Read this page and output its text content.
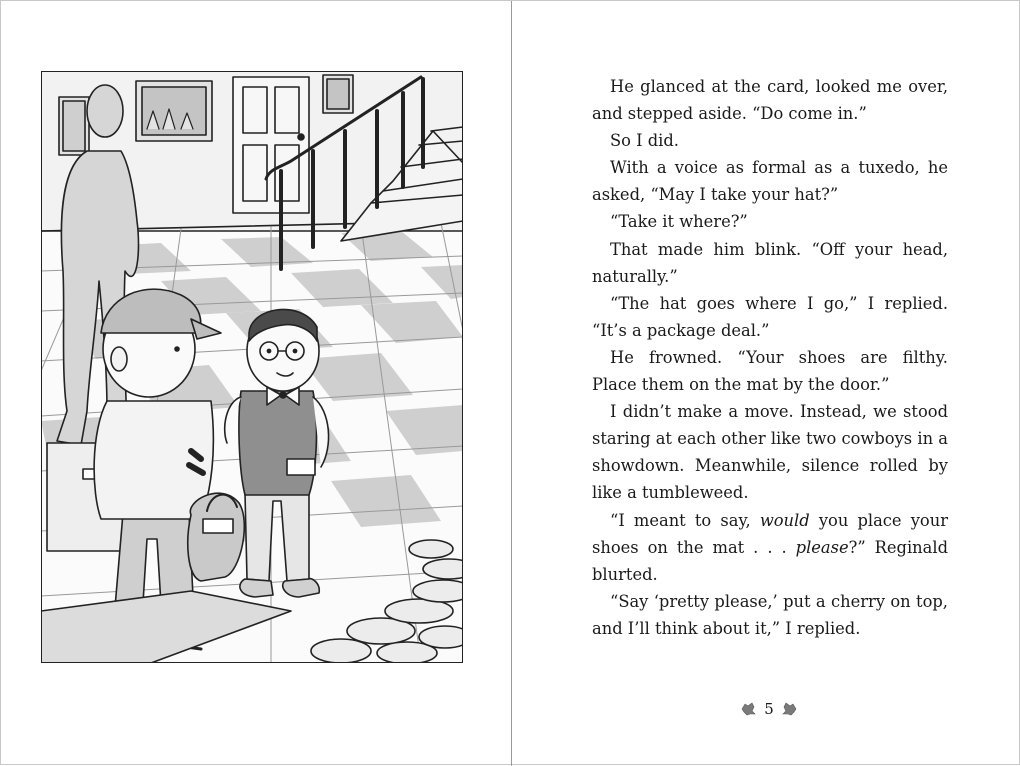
He glanced at the card, looked me over, and stepped aside. “Do come in.”

So I did.

With a voice as formal as a tuxedo, he asked, “May I take your hat?”

“Take it where?”

That made him blink. “Off your head, naturally.”

“The hat goes where I go,” I replied. “It’s a package deal.”

He frowned. “Your shoes are filthy. Place them on the mat by the door.”

I didn’t make a move. Instead, we stood staring at each other like two cowboys in a showdown. Meanwhile, silence rolled by like a tumbleweed.

“I meant to say, would you place your shoes on the mat . . . please?” Reginald blurted.

“Say ‘pretty please,’ put a cherry on top, and I’ll think about it,” I replied.

5
